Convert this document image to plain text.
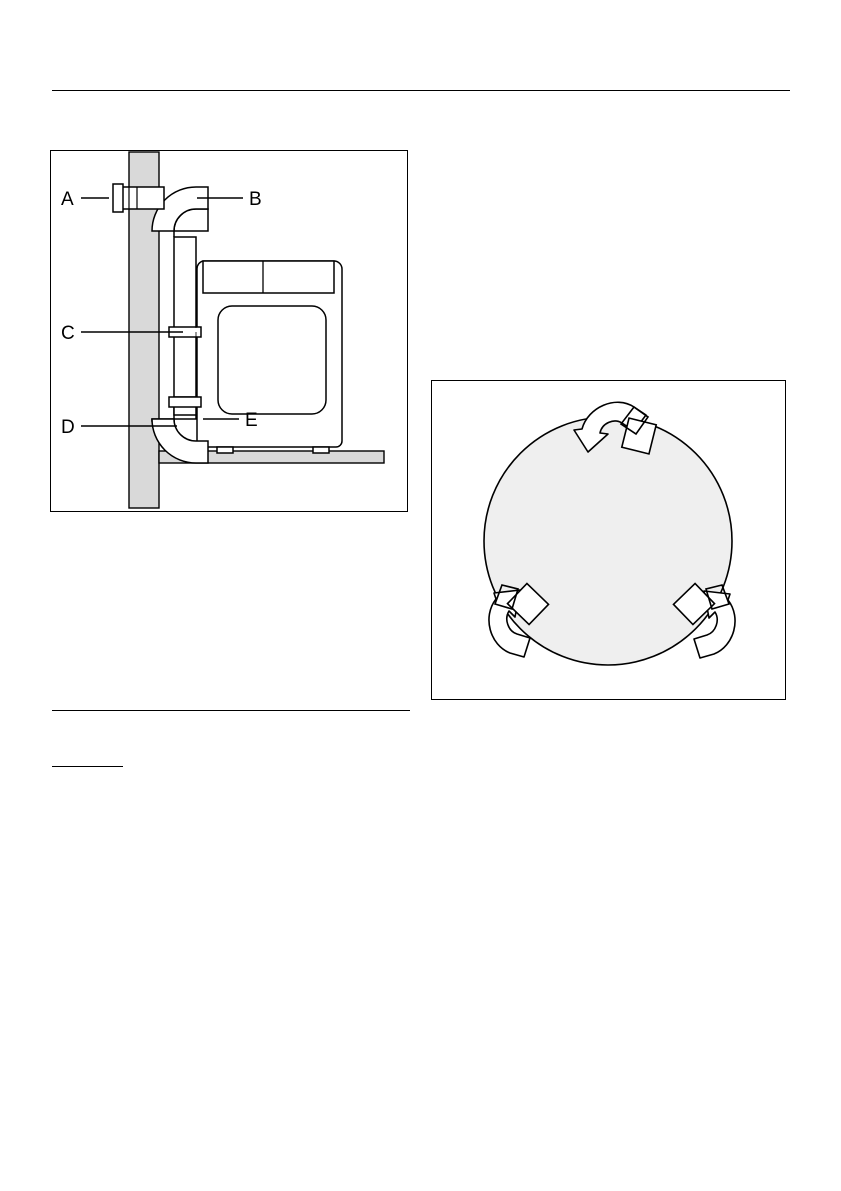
A	B
C
D	E
